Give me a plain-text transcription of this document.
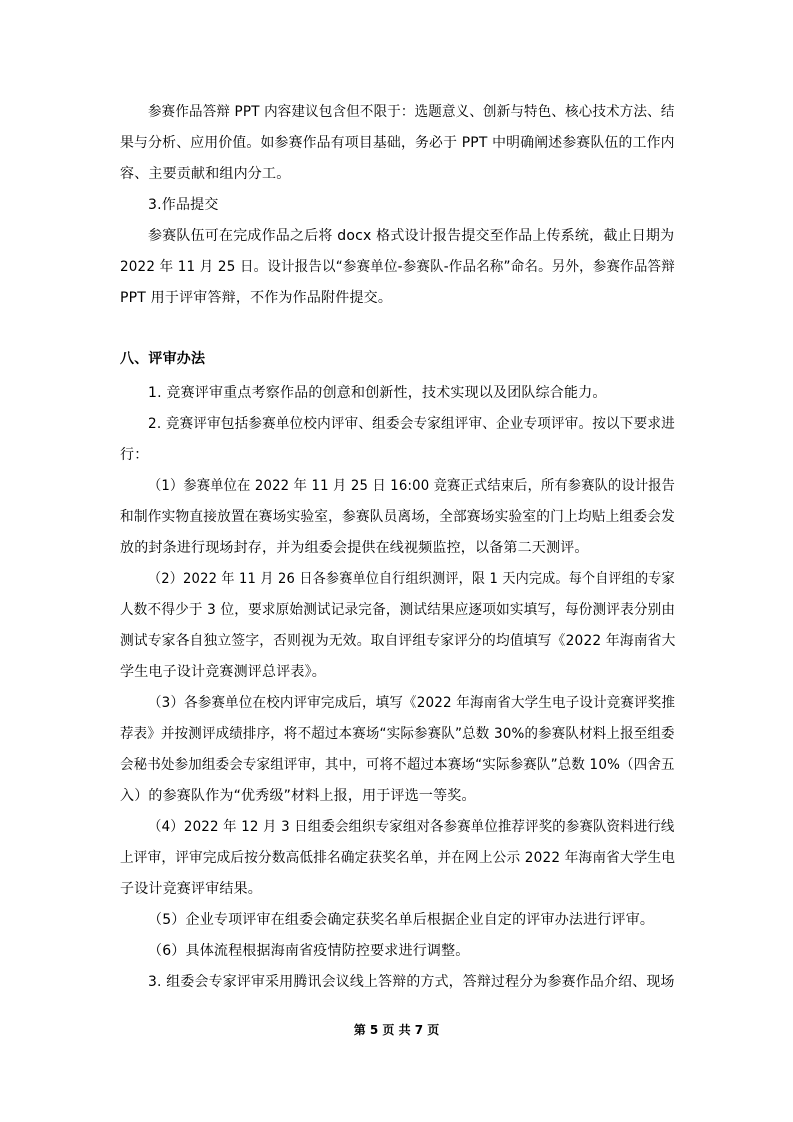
参赛作品答辩 PPT 内容建议包含但不限于：选题意义、创新与特色、核心技术方法、结
果与分析、应用价值。如参赛作品有项目基础，务必于 PPT 中明确阐述参赛队伍的工作内
容、主要贡献和组内分工。
3.作品提交
参赛队伍可在完成作品之后将 docx 格式设计报告提交至作品上传系统，截止日期为
2022 年 11 月 25 日。设计报告以“参赛单位-参赛队-作品名称”命名。另外，参赛作品答辩
PPT 用于评审答辩，不作为作品附件提交。
八、评审办法
1. 竞赛评审重点考察作品的创意和创新性，技术实现以及团队综合能力。
2. 竞赛评审包括参赛单位校内评审、组委会专家组评审、企业专项评审。按以下要求进
行：
（1）参赛单位在 2022 年 11 月 25 日 16:00 竞赛正式结束后，所有参赛队的设计报告
和制作实物直接放置在赛场实验室，参赛队员离场，全部赛场实验室的门上均贴上组委会发
放的封条进行现场封存，并为组委会提供在线视频监控，以备第二天测评。
（2）2022 年 11 月 26 日各参赛单位自行组织测评，限 1 天内完成。每个自评组的专家
人数不得少于 3 位，要求原始测试记录完备，测试结果应逐项如实填写，每份测评表分别由
测试专家各自独立签字，否则视为无效。取自评组专家评分的均值填写《2022 年海南省大
学生电子设计竞赛测评总评表》。
（3）各参赛单位在校内评审完成后，填写《2022 年海南省大学生电子设计竞赛评奖推
荐表》并按测评成绩排序，将不超过本赛场“实际参赛队”总数 30%的参赛队材料上报至组委
会秘书处参加组委会专家组评审，其中，可将不超过本赛场“实际参赛队”总数 10%（四舍五
入）的参赛队作为“优秀级”材料上报，用于评选一等奖。
（4）2022 年 12 月 3 日组委会组织专家组对各参赛单位推荐评奖的参赛队资料进行线
上评审，评审完成后按分数高低排名确定获奖名单，并在网上公示 2022 年海南省大学生电
子设计竞赛评审结果。
（5）企业专项评审在组委会确定获奖名单后根据企业自定的评审办法进行评审。
（6）具体流程根据海南省疫情防控要求进行调整。
3. 组委会专家评审采用腾讯会议线上答辩的方式，答辩过程分为参赛作品介绍、现场
第 5 页 共 7 页
